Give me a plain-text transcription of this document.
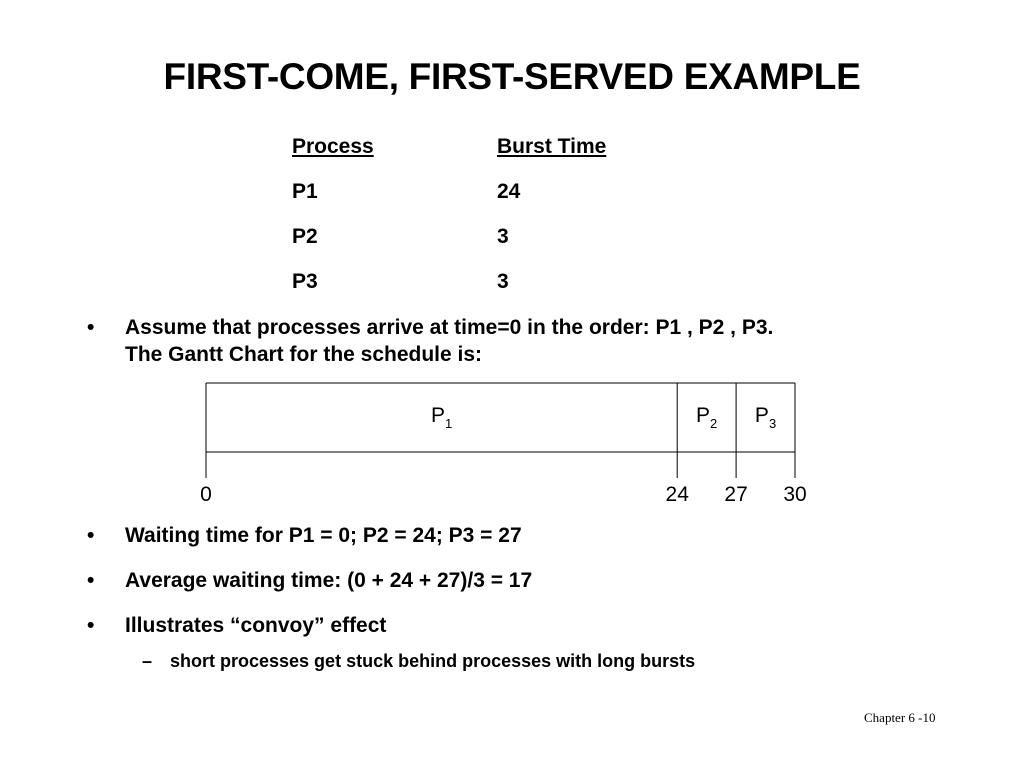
FIRST-COME, FIRST-SERVED EXAMPLE
Process	Burst Time
P1	24
P2	3
P3	3
• Assume that processes arrive at time=0 in the order: P1 , P2 , P3.
The Gantt Chart for the schedule is:
$P_1$	$P_2$ $P_3$
0	24 27 30
• Waiting time for P1 = 0; P2 = 24; P3 = 27
• Average waiting time: (0 + 24 + 27)/3 = 17
• Illustrates “convoy” effect
– short processes get stuck behind processes with long bursts
Chapter 6 -10
